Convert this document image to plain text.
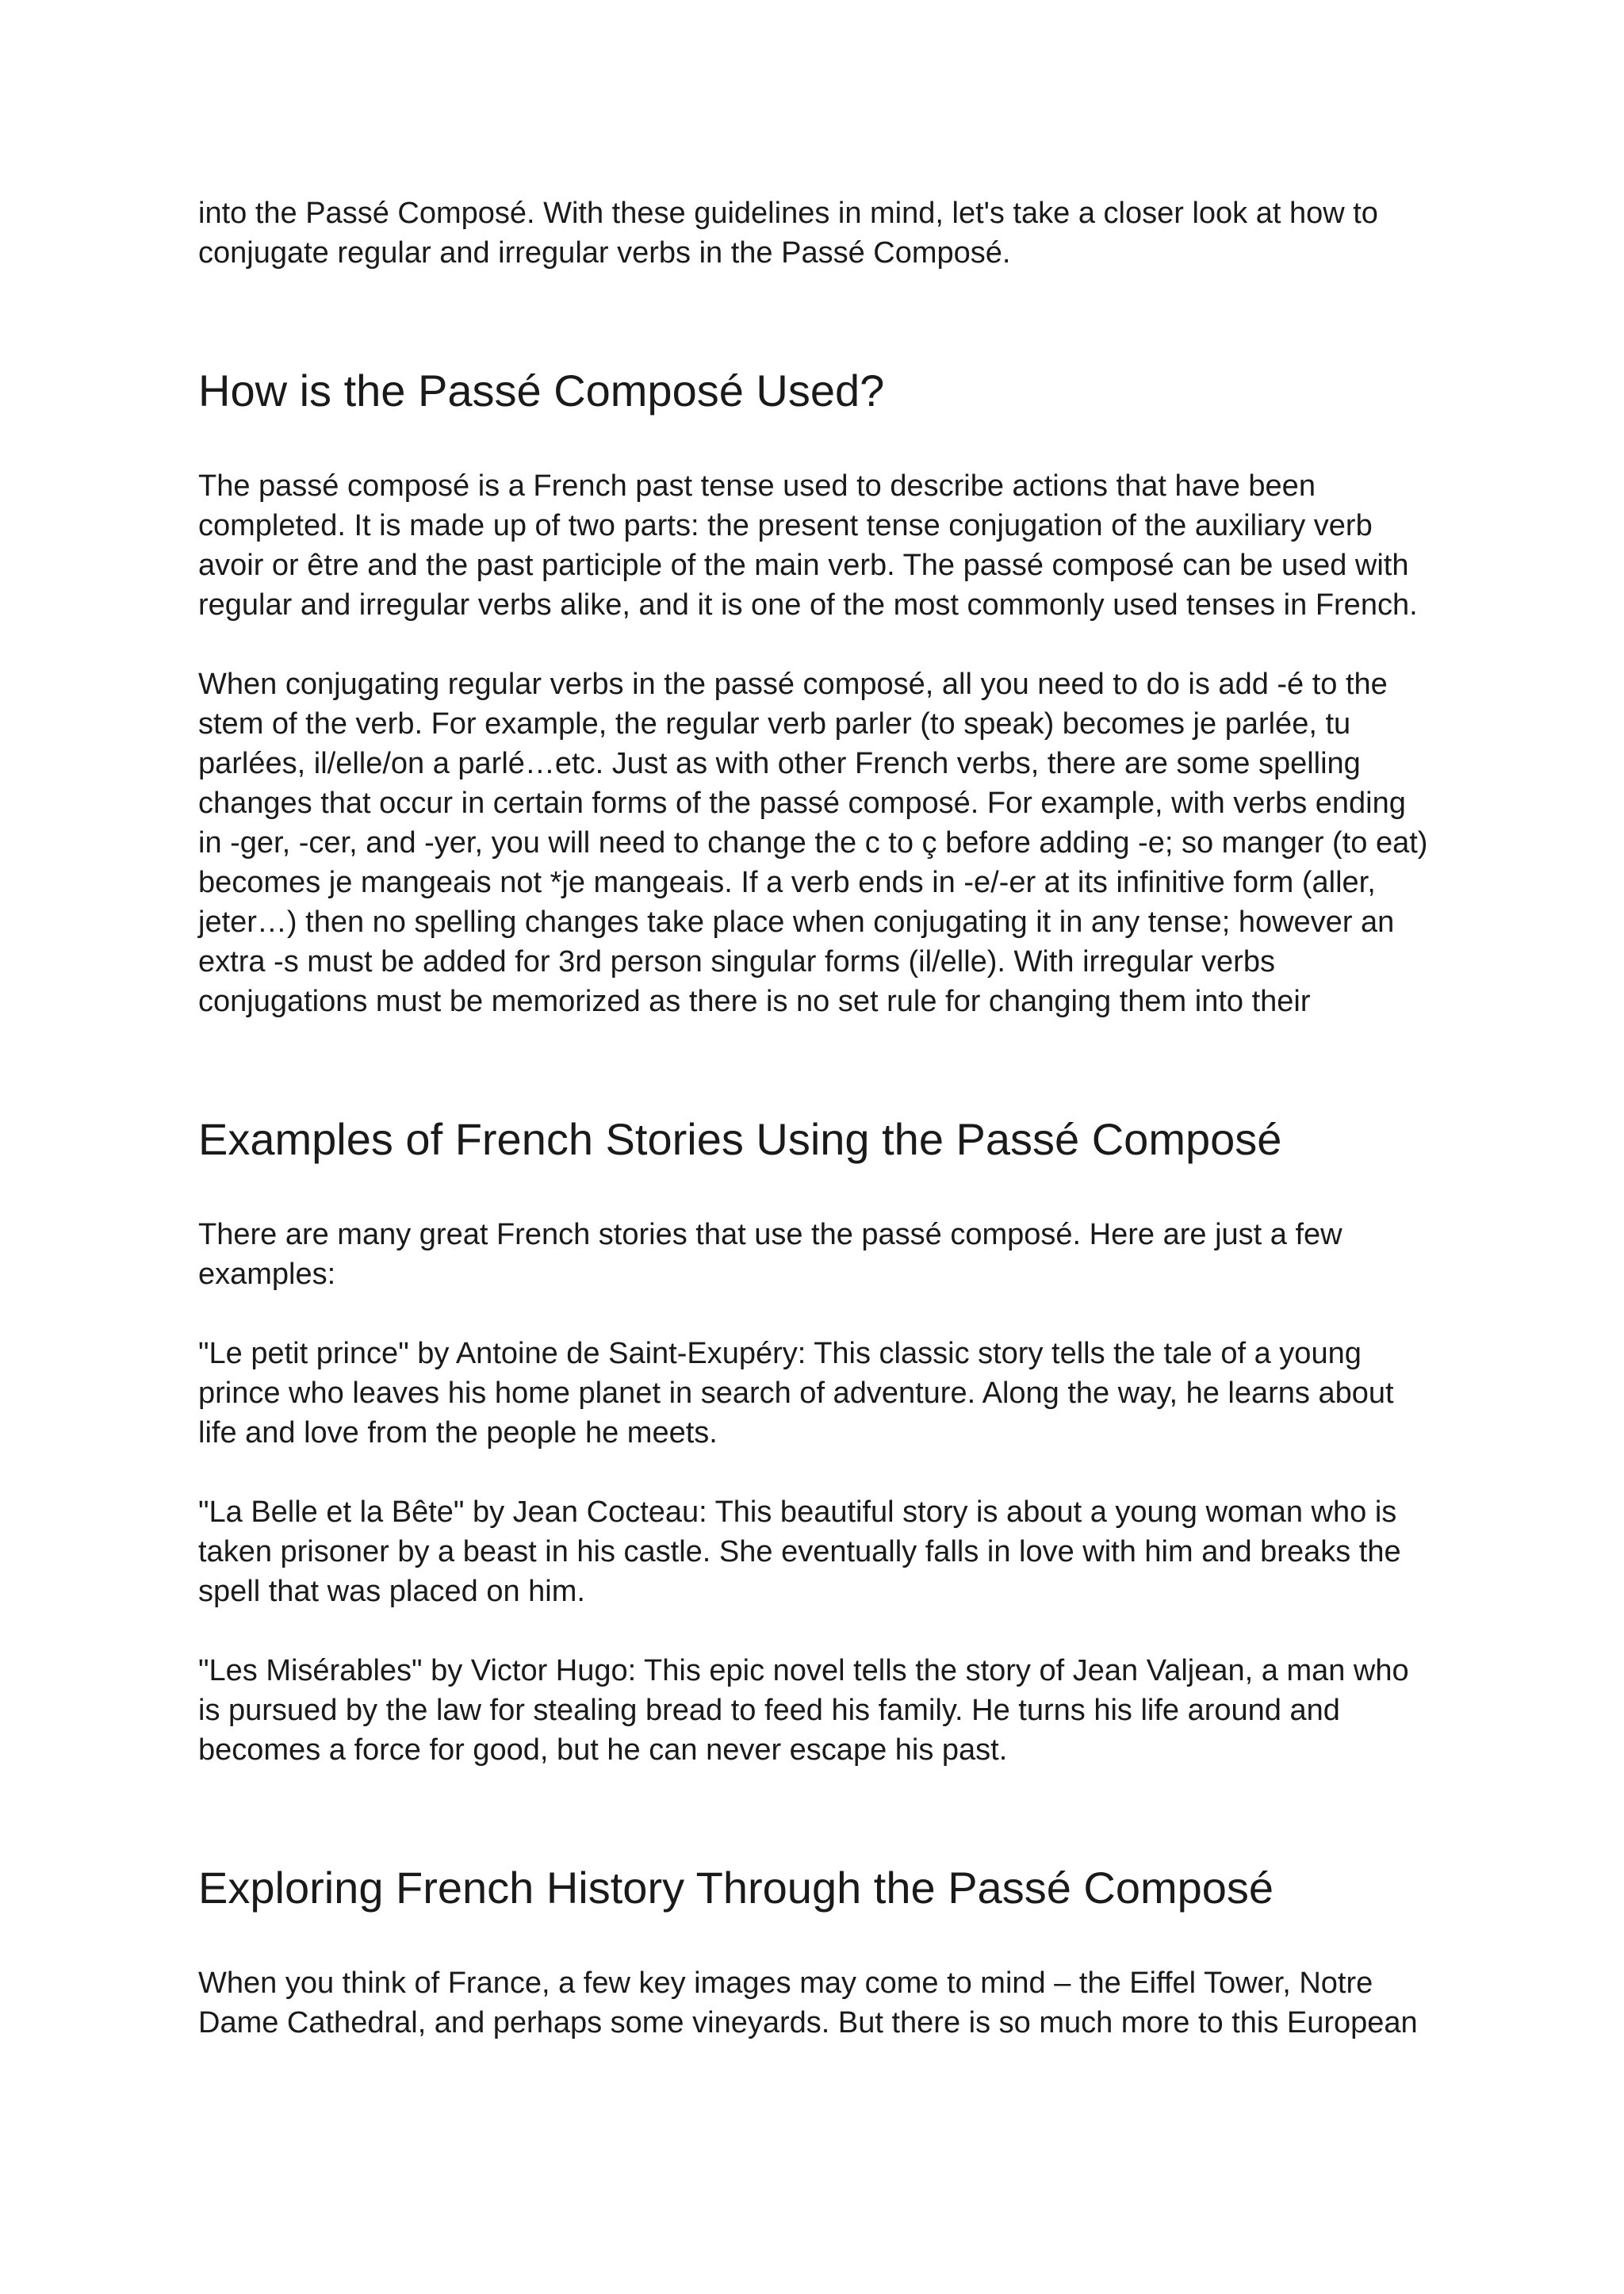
into the Passé Composé. With these guidelines in mind, let's take a closer look at how to
conjugate regular and irregular verbs in the Passé Composé.

How is the Passé Composé Used?

The passé composé is a French past tense used to describe actions that have been
completed. It is made up of two parts: the present tense conjugation of the auxiliary verb
avoir or être and the past participle of the main verb. The passé composé can be used with
regular and irregular verbs alike, and it is one of the most commonly used tenses in French.

When conjugating regular verbs in the passé composé, all you need to do is add -é to the
stem of the verb. For example, the regular verb parler (to speak) becomes je parlée, tu
parlées, il/elle/on a parlé…etc. Just as with other French verbs, there are some spelling
changes that occur in certain forms of the passé composé. For example, with verbs ending
in -ger, -cer, and -yer, you will need to change the c to ç before adding -e; so manger (to eat)
becomes je mangeais not *je mangeais. If a verb ends in -e/-er at its infinitive form (aller,
jeter…) then no spelling changes take place when conjugating it in any tense; however an
extra -s must be added for 3rd person singular forms (il/elle). With irregular verbs
conjugations must be memorized as there is no set rule for changing them into their

Examples of French Stories Using the Passé Composé

There are many great French stories that use the passé composé. Here are just a few
examples:

"Le petit prince" by Antoine de Saint-Exupéry: This classic story tells the tale of a young
prince who leaves his home planet in search of adventure. Along the way, he learns about
life and love from the people he meets.

"La Belle et la Bête" by Jean Cocteau: This beautiful story is about a young woman who is
taken prisoner by a beast in his castle. She eventually falls in love with him and breaks the
spell that was placed on him.

"Les Misérables" by Victor Hugo: This epic novel tells the story of Jean Valjean, a man who
is pursued by the law for stealing bread to feed his family. He turns his life around and
becomes a force for good, but he can never escape his past.

Exploring French History Through the Passé Composé

When you think of France, a few key images may come to mind – the Eiffel Tower, Notre
Dame Cathedral, and perhaps some vineyards. But there is so much more to this European
